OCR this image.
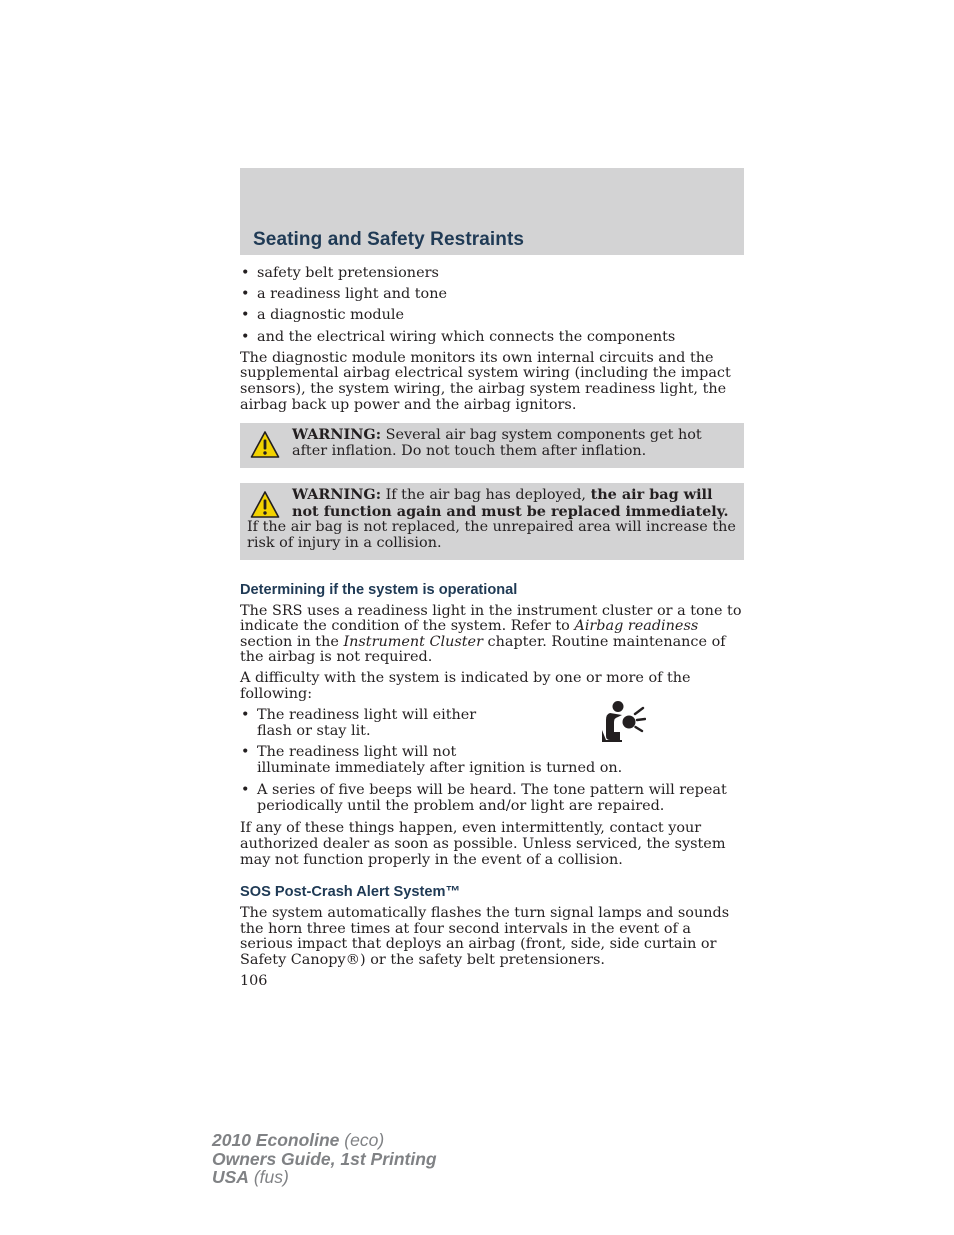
Seating and Safety Restraints
• safety belt pretensioners
• a readiness light and tone
• a diagnostic module
• and the electrical wiring which connects the components

The diagnostic module monitors its own internal circuits and the supplemental airbag electrical system wiring (including the impact sensors), the system wiring, the airbag system readiness light, the airbag back up power and the airbag ignitors.

WARNING: Several air bag system components get hot after inflation. Do not touch them after inflation.
WARNING: If the air bag has deployed, the air bag will not function again and must be replaced immediately. If the air bag is not replaced, the unrepaired area will increase the risk of injury in a collision.
Determining if the system is operational

The SRS uses a readiness light in the instrument cluster or a tone to indicate the condition of the system. Refer to Airbag readiness section in the Instrument Cluster chapter. Routine maintenance of the airbag is not required.

A difficulty with the system is indicated by one or more of the following:

• The readiness light will either
flash or stay lit.
• The readiness light will not
illuminate immediately after ignition is turned on.
• A series of five beeps will be heard. The tone pattern will repeat periodically until the problem and/or light are repaired.

If any of these things happen, even intermittently, contact your authorized dealer as soon as possible. Unless serviced, the system may not function properly in the event of a collision.

SOS Post-Crash Alert System™

The system automatically flashes the turn signal lamps and sounds the horn three times at four second intervals in the event of a serious impact that deploys an airbag (front, side, side curtain or Safety Canopy®) or the safety belt pretensioners.

106
2010 Econoline (eco)
Owners Guide, 1st Printing
USA (fus)
